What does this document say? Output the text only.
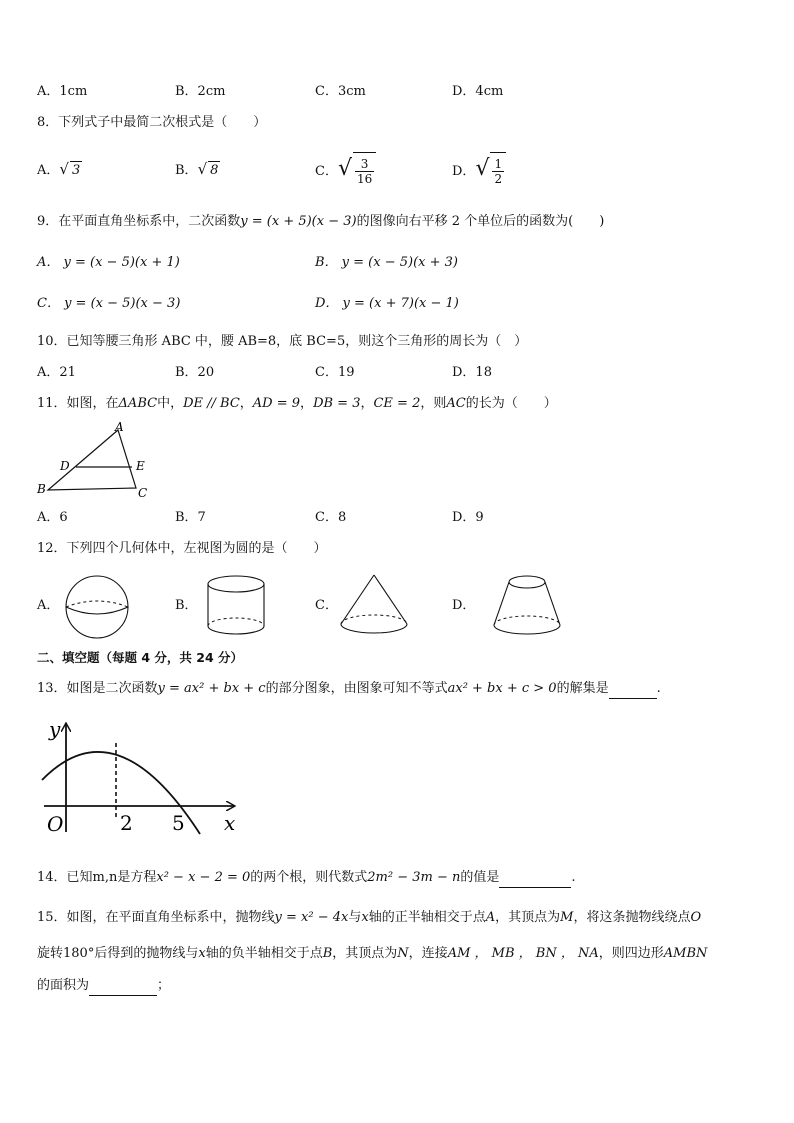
A．1cm	B．2cm	C．3cm	D．4cm
8．下列式子中最简二次根式是（　　）
A．√ 3	B．√ 8	C．√ $\frac{3}{16}$	D．√ $\frac{1}{2}$
9．在平面直角坐标系中，二次函数y = (x + 5)(x − 3)的图像向右平移 2 个单位后的函数为(　　)
A． y = (x − 5)(x + 1)	B． y = (x − 5)(x + 3)
C． y = (x − 5)(x − 3)	D． y = (x + 7)(x − 1)
10．已知等腰三角形 ABC 中，腰 AB=8，底 BC=5，则这个三角形的周长为（　）
A．21	B．20	C．19	D．18
11．如图，在ΔABC中，DE // BC，AD = 9，DB = 3，CE = 2，则AC的长为（　　）
A
D	E
B	C
A．6	B．7	C．8	D．9
12．下列四个几何体中，左视图为圆的是（　　）
A．	B．	C．	D．
二、填空题（每题 4 分，共 24 分）
13．如图是二次函数y = ax² + bx + c的部分图象，由图象可知不等式ax² + bx + c > 0的解集是	.
y
x
O	2 5
14．已知m,n是方程x² − x − 2 = 0的两个根，则代数式2m² − 3m − n的值是	.
15．如图，在平面直角坐标系中，抛物线y = x² − 4x与x轴的正半轴相交于点A，其顶点为M，将这条抛物线绕点O
旋转180°后得到的抛物线与x轴的负半轴相交于点B，其顶点为N，连接AM ， MB ， BN ， NA，则四边形AMBN
的面积为	；
